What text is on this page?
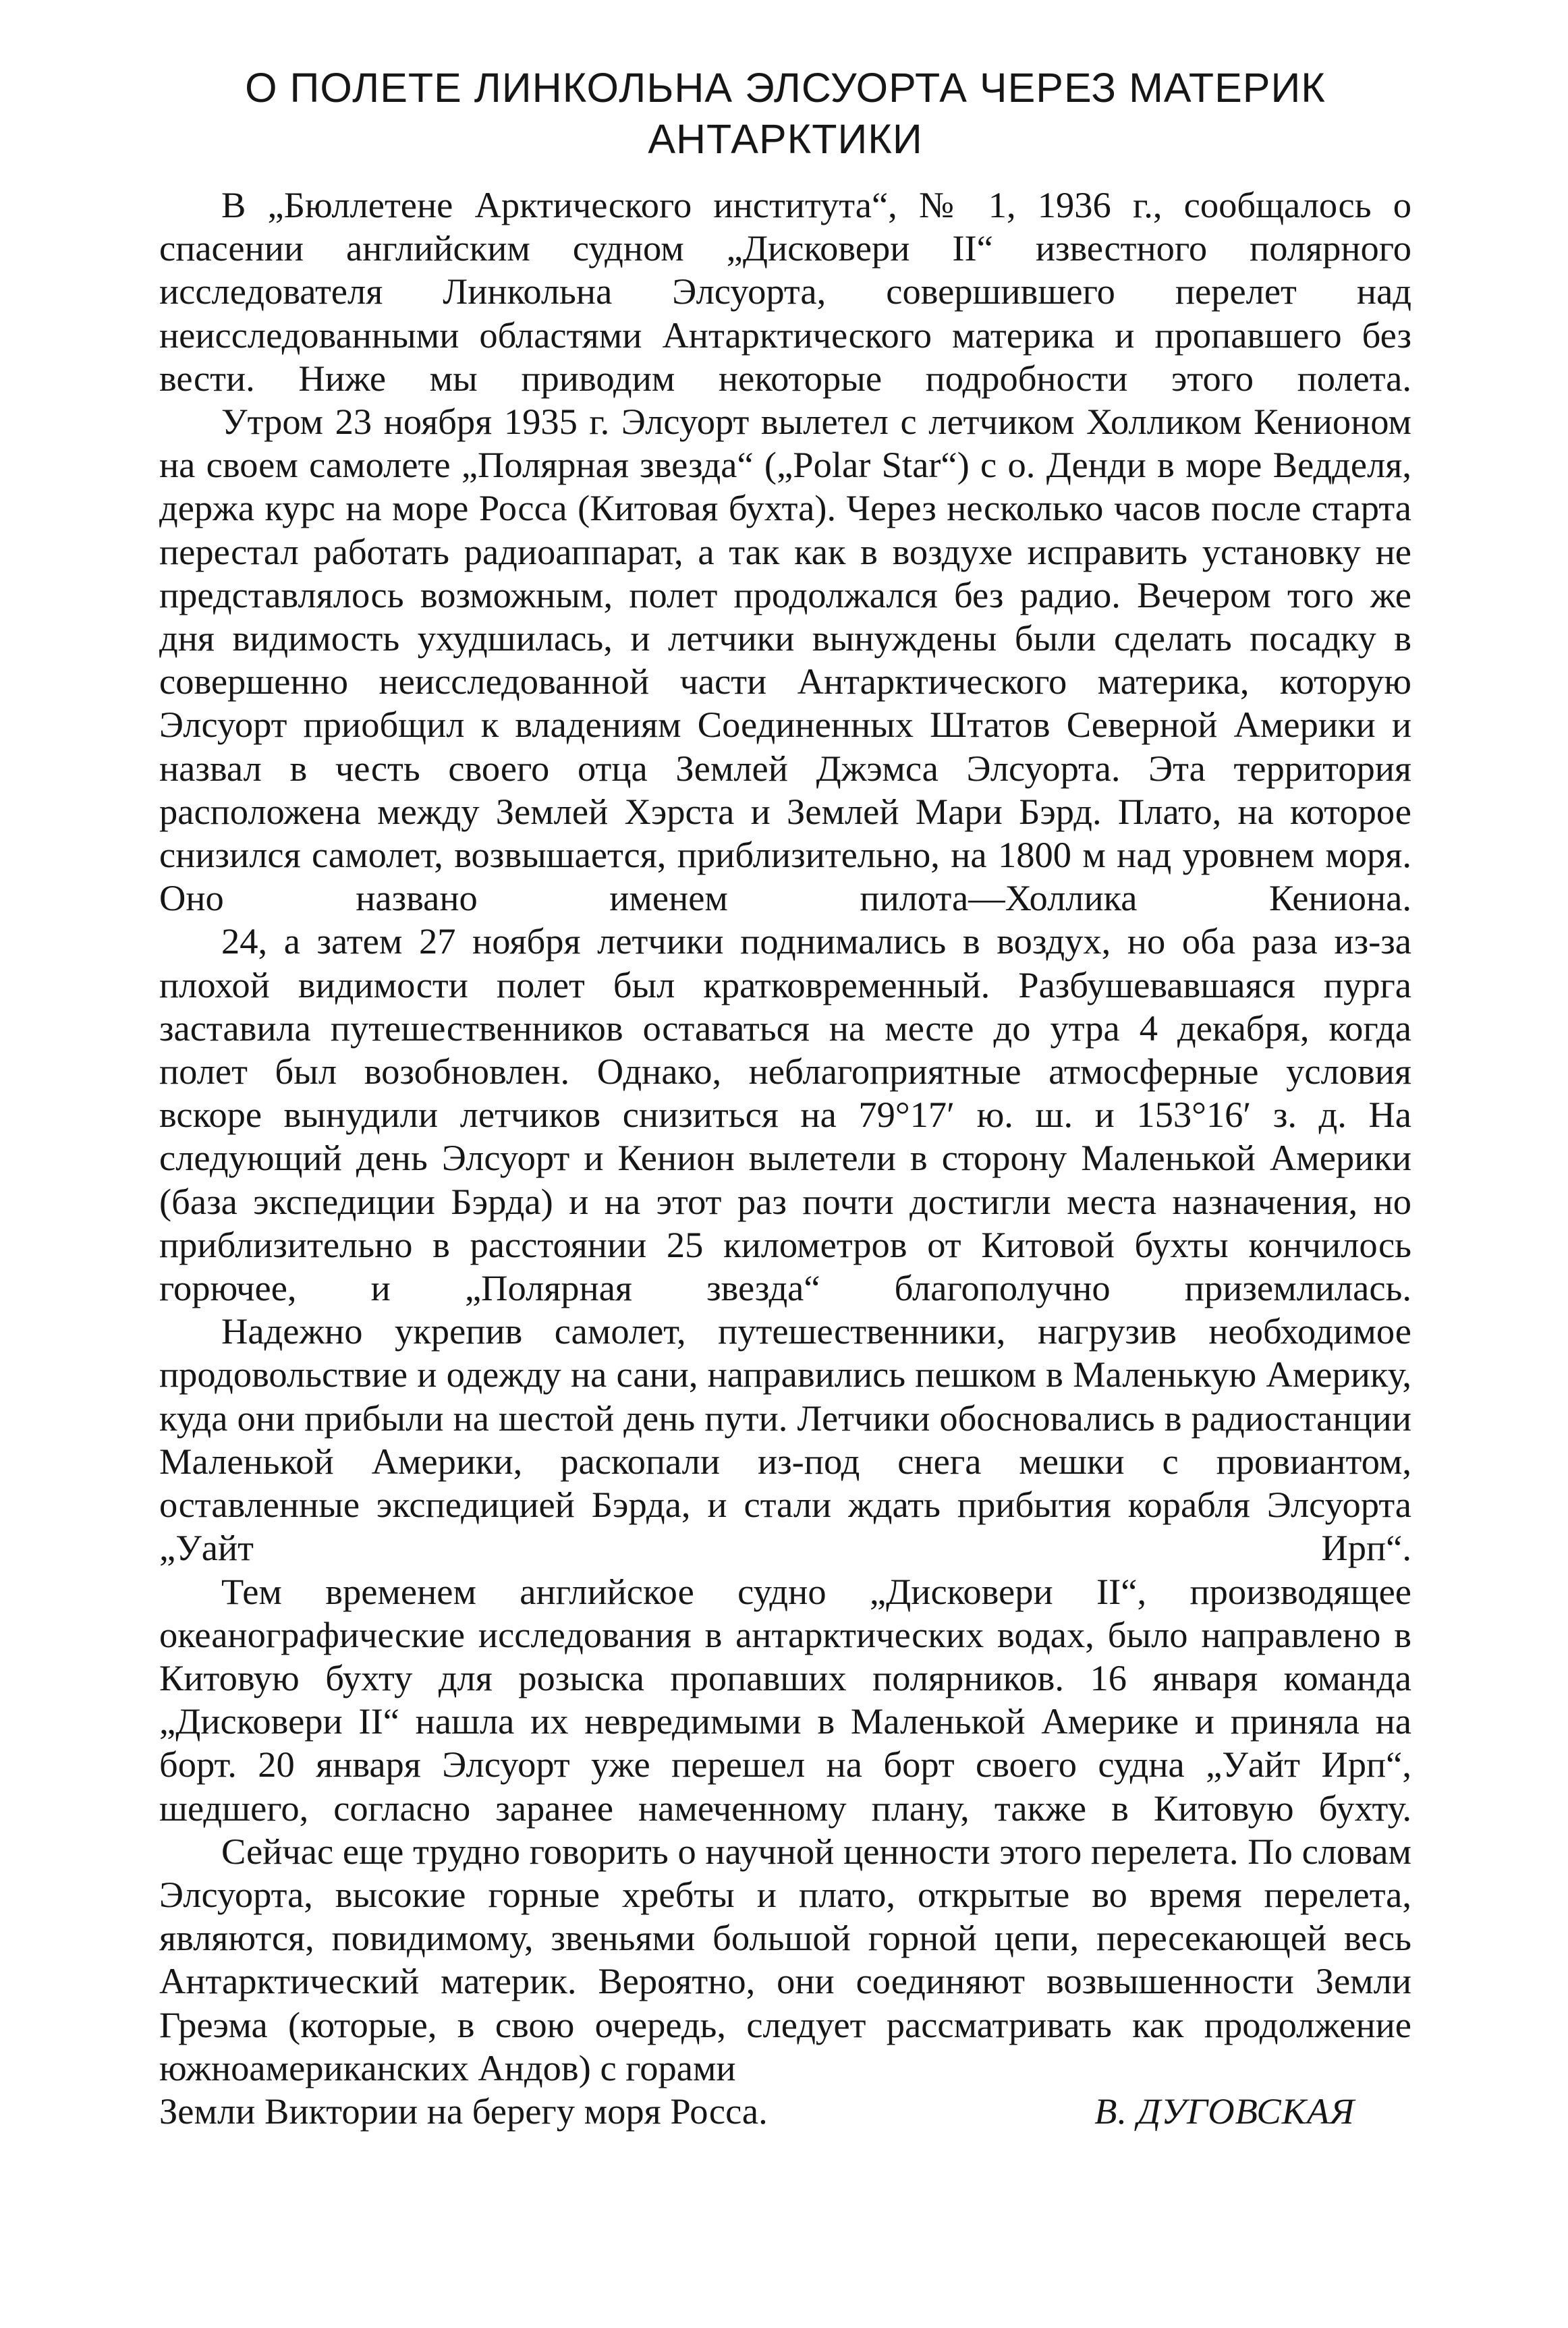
О ПОЛЕТЕ ЛИНКОЛЬНА ЭЛСУОРТА ЧЕРЕЗ МАТЕРИК
АНТАРКТИКИ

В „Бюллетене Арктического института“, № 1, 1936 г., сообщалось о спасении английским судном „Дисковери II“ известного полярного исследователя Линкольна Элсуорта, совершившего перелет над неисследованными областями Антарктического материка и пропавшего без вести. Ниже мы приводим некоторые подробности этого полета.

Утром 23 ноября 1935 г. Элсуорт вылетел с летчиком Холликом Кенионом на своем самолете „Полярная звезда“ („Polar Star“) с о. Денди в море Ведделя, держа курс на море Росса (Китовая бухта). Через несколько часов после старта перестал работать радиоаппарат, а так как в воздухе исправить установку не представлялось возможным, полет продолжался без радио. Вечером того же дня видимость ухудшилась, и летчики вынуждены были сделать посадку в совершенно неисследованной части Антарктического материка, которую Элсуорт приобщил к владениям Соединенных Штатов Северной Америки и назвал в честь своего отца Землей Джэмса Элсуорта. Эта территория расположена между Землей Хэрста и Землей Мари Бэрд. Плато, на которое снизился самолет, возвышается, приблизительно, на 1800 м над уровнем моря. Оно названо именем пилота—Холлика Кениона.

24, а затем 27 ноября летчики поднимались в воздух, но оба раза из-за плохой видимости полет был кратковременный. Разбушевавшаяся пурга заставила путешественников оставаться на месте до утра 4 декабря, когда полет был возобновлен. Однако, неблагоприятные атмосферные условия вскоре вынудили летчиков снизиться на 79°17′ ю. ш. и 153°16′ з. д. На следующий день Элсуорт и Кенион вылетели в сторону Маленькой Америки (база экспедиции Бэрда) и на этот раз почти достигли места назначения, но приблизительно в расстоянии 25 километров от Китовой бухты кончилось горючее, и „Полярная звезда“ благополучно приземлилась.

Надежно укрепив самолет, путешественники, нагрузив необходимое продовольствие и одежду на сани, направились пешком в Маленькую Америку, куда они прибыли на шестой день пути. Летчики обосновались в радиостанции Маленькой Америки, раскопали из-под снега мешки с провиантом, оставленные экспедицией Бэрда, и стали ждать прибытия корабля Элсуорта „Уайт Ирп“.

Тем временем английское судно „Дисковери II“, производящее океанографические исследования в антарктических водах, было направлено в Китовую бухту для розыска пропавших полярников. 16 января команда „Дисковери II“ нашла их невредимыми в Маленькой Америке и приняла на борт. 20 января Элсуорт уже перешел на борт своего судна „Уайт Ирп“, шедшего, согласно заранее намеченному плану, также в Китовую бухту.

Сейчас еще трудно говорить о научной ценности этого перелета. По словам Элсуорта, высокие горные хребты и плато, открытые во время перелета, являются, повидимому, звеньями большой горной цепи, пересекающей весь Антарктический материк. Вероятно, они соединяют возвышенности Земли Греэма (которые, в свою очередь, следует рассматривать как продолжение южноамериканских Андов) с горами

Земли Виктории на берегу моря Росса.	В. ДУГОВСКАЯ
